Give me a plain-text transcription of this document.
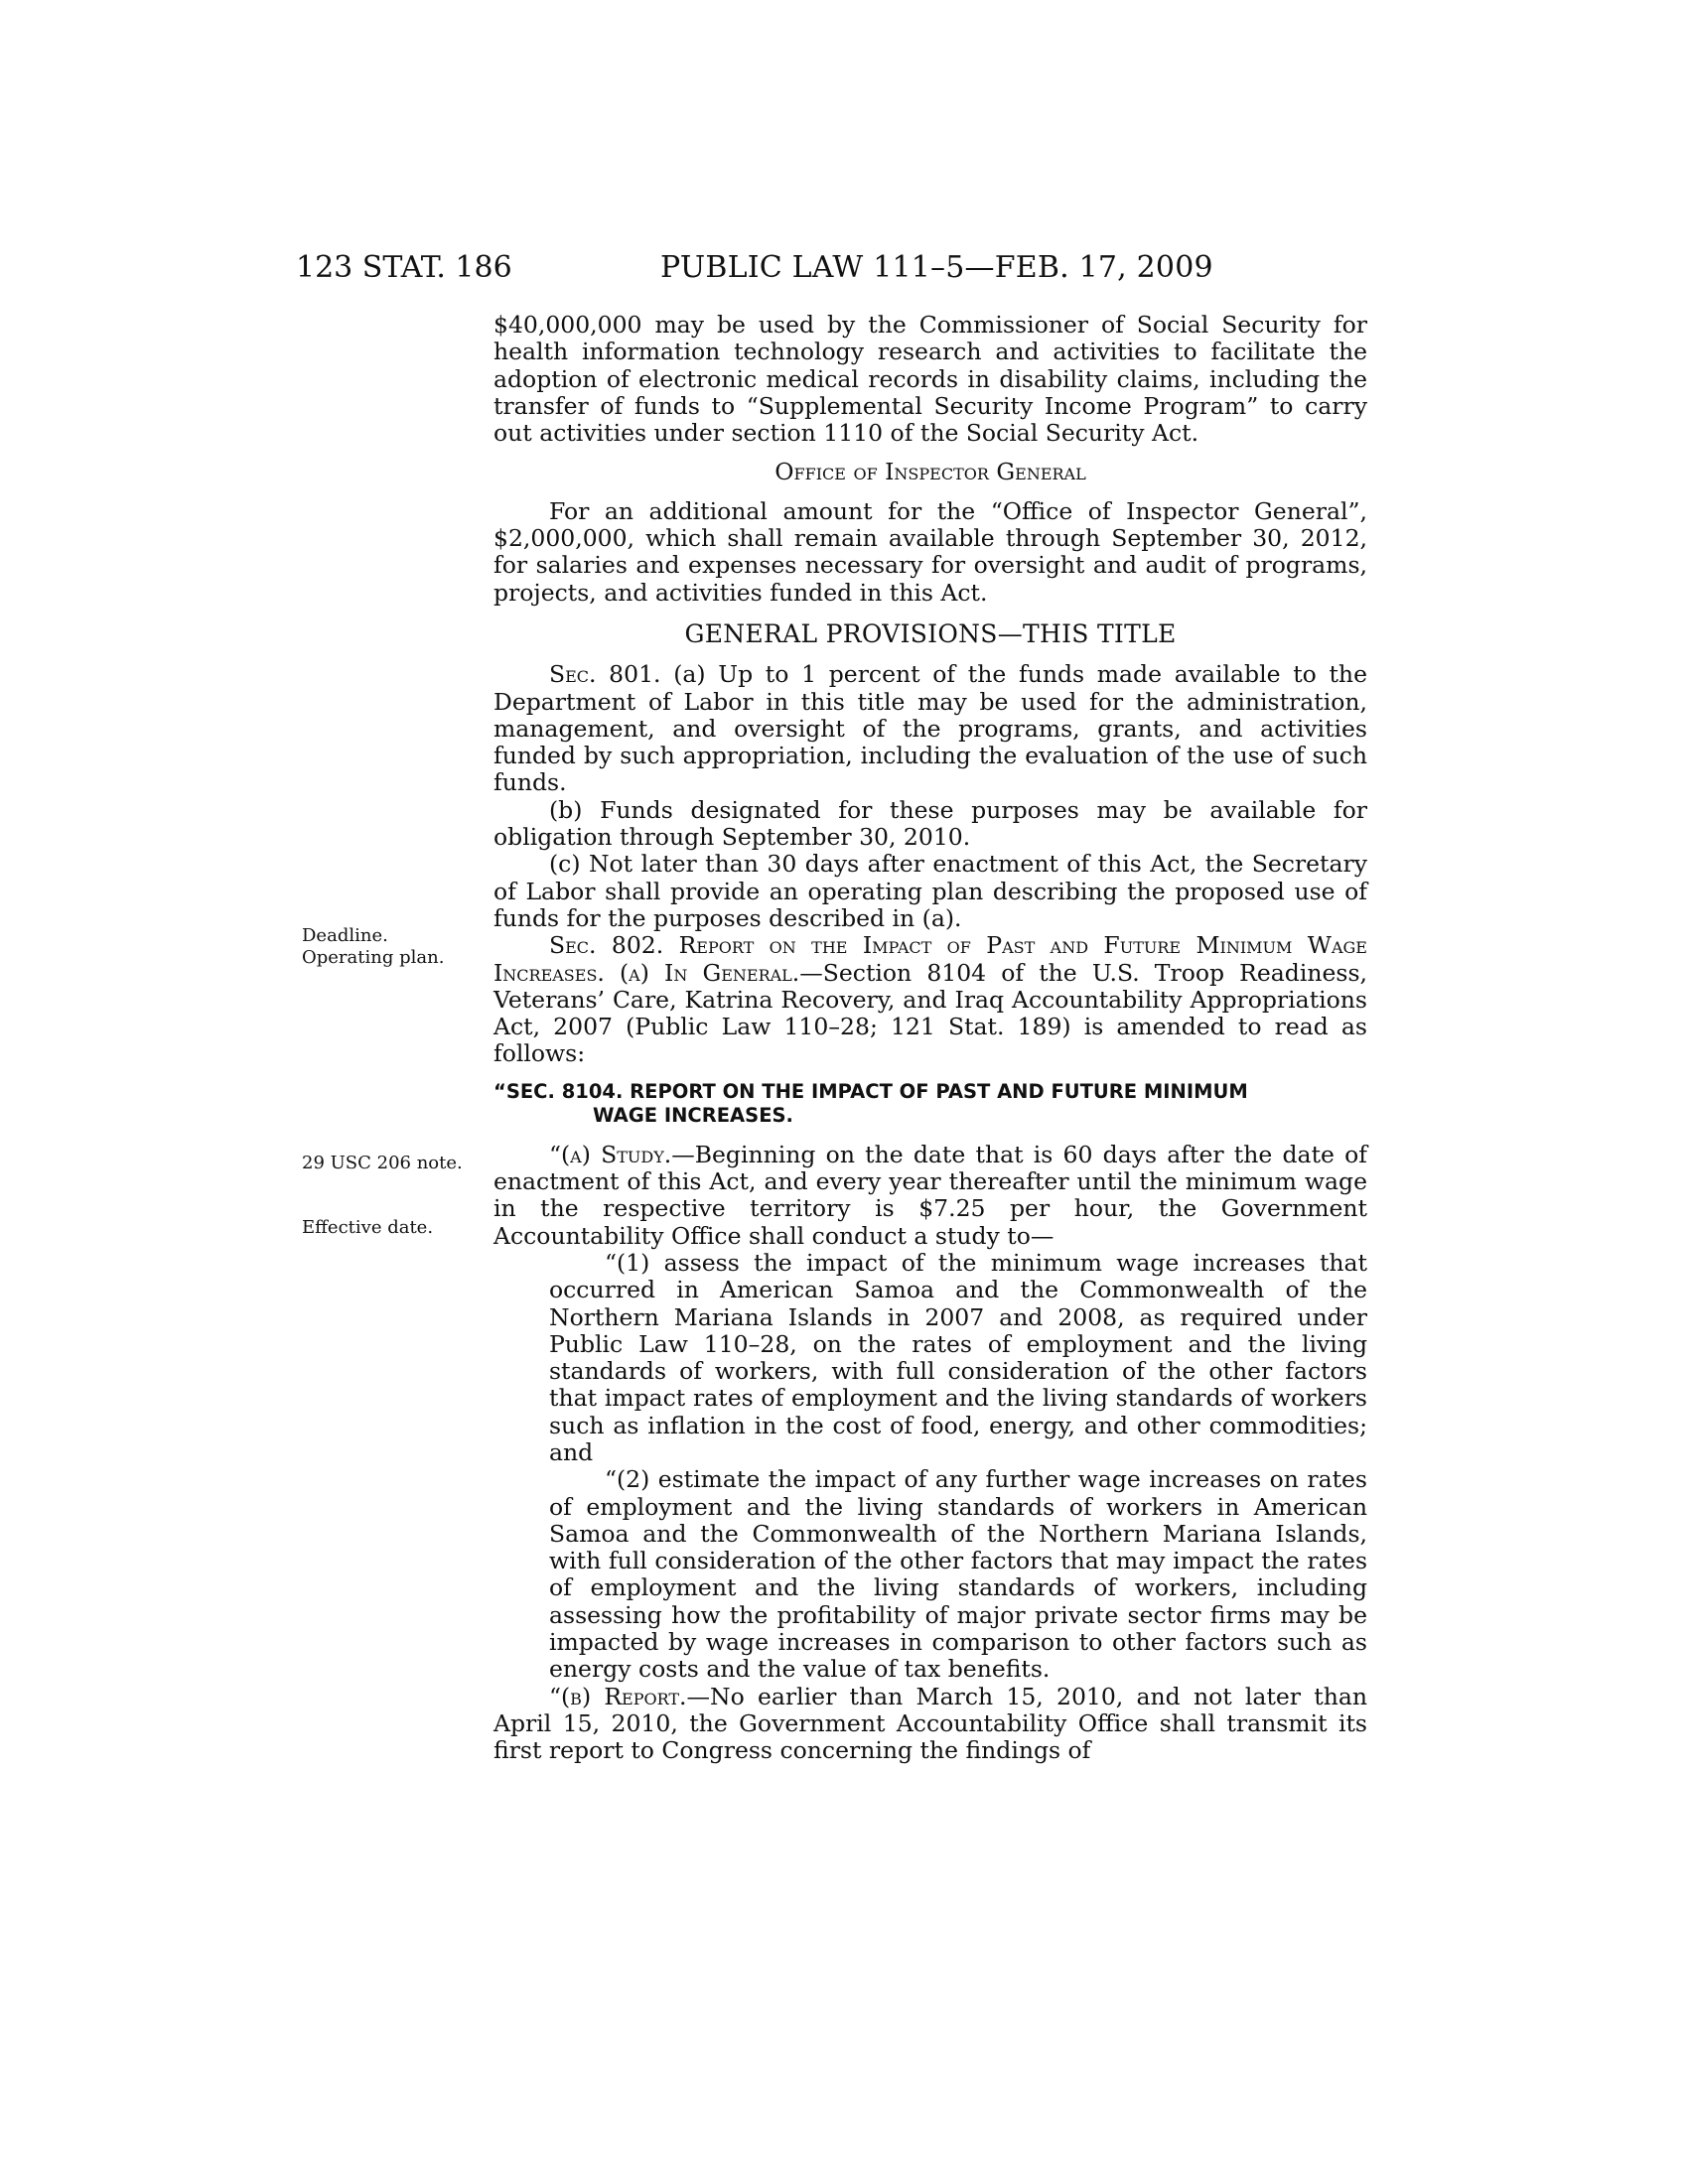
123 STAT. 186	PUBLIC LAW 111–5—FEB. 17, 2009
Deadline.
Operating plan.
29 USC 206 note.
Effective date.

$40,000,000 may be used by the Commissioner of Social Security for health information technology research and activities to facilitate the adoption of electronic medical records in disability claims, including the transfer of funds to “Supplemental Security Income Program” to carry out activities under section 1110 of the Social Security Act.

Office of Inspector General

For an additional amount for the “Office of Inspector General”, $2,000,000, which shall remain available through September 30, 2012, for salaries and expenses necessary for oversight and audit of programs, projects, and activities funded in this Act.

GENERAL PROVISIONS—THIS TITLE

Sec. 801. (a) Up to 1 percent of the funds made available to the Department of Labor in this title may be used for the administration, management, and oversight of the programs, grants, and activities funded by such appropriation, including the evaluation of the use of such funds.

(b) Funds designated for these purposes may be available for obligation through September 30, 2010.

(c) Not later than 30 days after enactment of this Act, the Secretary of Labor shall provide an operating plan describing the proposed use of funds for the purposes described in (a).

Sec. 802. Report on the Impact of Past and Future Minimum Wage Increases. (a) In General.—Section 8104 of the U.S. Troop Readiness, Veterans’ Care, Katrina Recovery, and Iraq Accountability Appropriations Act, 2007 (Public Law 110–28; 121 Stat. 189) is amended to read as follows:

“SEC. 8104. REPORT ON THE IMPACT OF PAST AND FUTURE MINIMUM
WAGE INCREASES.

“(a) Study.—Beginning on the date that is 60 days after the date of enactment of this Act, and every year thereafter until the minimum wage in the respective territory is $7.25 per hour, the Government Accountability Office shall conduct a study to—

“(1) assess the impact of the minimum wage increases that occurred in American Samoa and the Commonwealth of the Northern Mariana Islands in 2007 and 2008, as required under Public Law 110–28, on the rates of employment and the living standards of workers, with full consideration of the other factors that impact rates of employment and the living standards of workers such as inflation in the cost of food, energy, and other commodities; and

“(2) estimate the impact of any further wage increases on rates of employment and the living standards of workers in American Samoa and the Commonwealth of the Northern Mariana Islands, with full consideration of the other factors that may impact the rates of employment and the living standards of workers, including assessing how the profitability of major private sector firms may be impacted by wage increases in comparison to other factors such as energy costs and the value of tax benefits.

“(b) Report.—No earlier than March 15, 2010, and not later than April 15, 2010, the Government Accountability Office shall transmit its first report to Congress concerning the findings of
